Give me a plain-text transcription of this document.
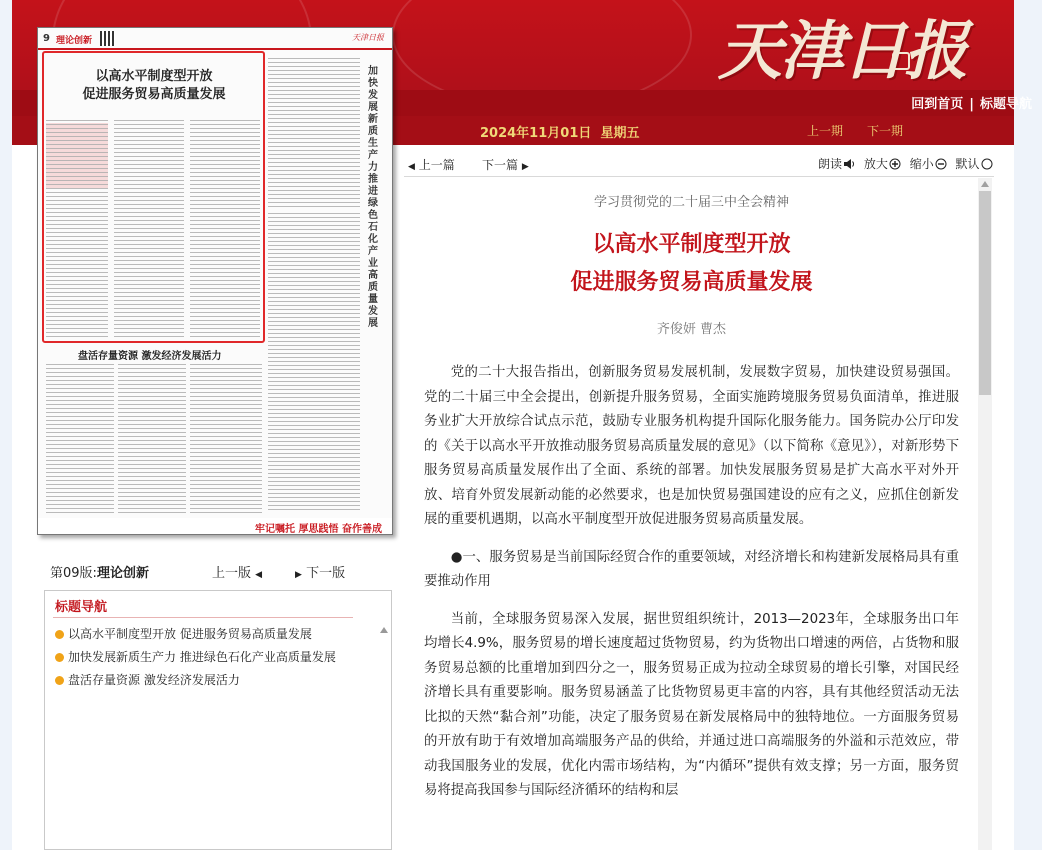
天津日报
回到首页 | 标题导航
2024年11月01日 星期五	上一期 下一期
9 理论创新	天津日报
以高水平制度型开放
促进服务贸易高质量发展
加快发展新质生产力 推进绿色石化产业高质量发展
盘活存量资源 激发经济发展活力
牢记嘱托 厚思践悟 奋作善成
第09版:理论创新	上一版 ◀	▶ 下一版
标题导航
以高水平制度型开放 促进服务贸易高质量发展
加快发展新质生产力 推进绿色石化产业高质量发展
盘活存量资源 激发经济发展活力
◀ 上一篇 下一篇 ▶	朗读 放大 缩小 默认
学习贯彻党的二十届三中全会精神
以高水平制度型开放
促进服务贸易高质量发展
齐俊妍 曹杰
党的二十大报告指出，创新服务贸易发展机制，发展数字贸易，加快建设贸易强国。党的二十届三中全会提出，创新提升服务贸易，全面实施跨境服务贸易负面清单，推进服务业扩大开放综合试点示范，鼓励专业服务机构提升国际化服务能力。国务院办公厅印发的《关于以高水平开放推动服务贸易高质量发展的意见》（以下简称《意见》），对新形势下服务贸易高质量发展作出了全面、系统的部署。加快发展服务贸易是扩大高水平对外开放、培育外贸发展新动能的必然要求，也是加快贸易强国建设的应有之义，应抓住创新发展的重要机遇期，以高水平制度型开放促进服务贸易高质量发展。
●一、服务贸易是当前国际经贸合作的重要领域，对经济增长和构建新发展格局具有重要推动作用
当前，全球服务贸易深入发展，据世贸组织统计，2013—2023年，全球服务出口年均增长4.9%，服务贸易的增长速度超过货物贸易，约为货物出口增速的两倍，占货物和服务贸易总额的比重增加到四分之一，服务贸易正成为拉动全球贸易的增长引擎，对国民经济增长具有重要影响。服务贸易涵盖了比货物贸易更丰富的内容，具有其他经贸活动无法比拟的天然“黏合剂”功能，决定了服务贸易在新发展格局中的独特地位。一方面服务贸易的开放有助于有效增加高端服务产品的供给，并通过进口高端服务的外溢和示范效应，带动我国服务业的发展，优化内需市场结构，为“内循环”提供有效支撑；另一方面，服务贸易将提高我国参与国际经济循环的结构和层
